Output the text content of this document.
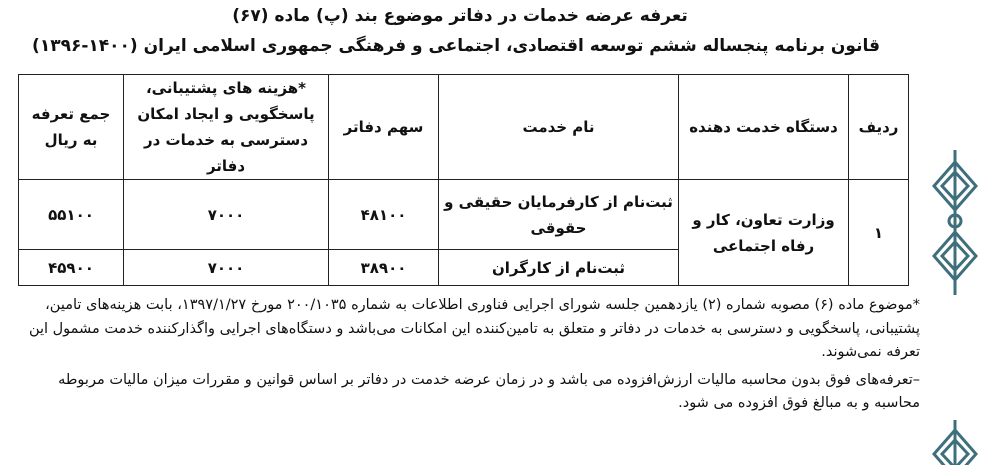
تعرفه عرضه خدمات در دفاتر موضوع بند (پ) ماده (۶۷)
قانون برنامه پنجساله ششم توسعه اقتصادی، اجتماعی و فرهنگی جمهوری اسلامی ایران (۱۴۰۰-۱۳۹۶)
ردیف	دستگاه خدمت دهنده	نام خدمت	سهم دفاتر	*هزینه های پشتیبانی، پاسخگویی و ایجاد امکان دسترسی به خدمات در دفاتر	جمع تعرفه به ریال
۱	وزارت تعاون، کار و رفاه اجتماعی	ثبت‌نام از کارفرمایان حقیقی و حقوقی	۴۸۱۰۰	۷۰۰۰	۵۵۱۰۰
		ثبت‌نام از کارگران	۳۸۹۰۰	۷۰۰۰	۴۵۹۰۰

*موضوع ماده (۶) مصوبه شماره (۲) یازدهمین جلسه شورای اجرایی فناوری اطلاعات به شماره ۲۰۰/۱۰۳۵ مورخ ۱۳۹۷/۱/۲۷، بابت هزینه‌های تامین، پشتیبانی، پاسخگویی و دسترسی به خدمات در دفاتر و متعلق به تامین‌کننده این امکانات می‌باشد و دستگاه‌های اجرایی واگذارکننده خدمت مشمول این تعرفه نمی‌شوند.

–تعرفه‌های فوق بدون محاسبه مالیات ارزش‌افزوده می باشد و در زمان عرضه خدمت در دفاتر بر اساس قوانین و مقررات میزان مالیات مربوطه محاسبه و به مبالغ فوق افزوده می شود.
